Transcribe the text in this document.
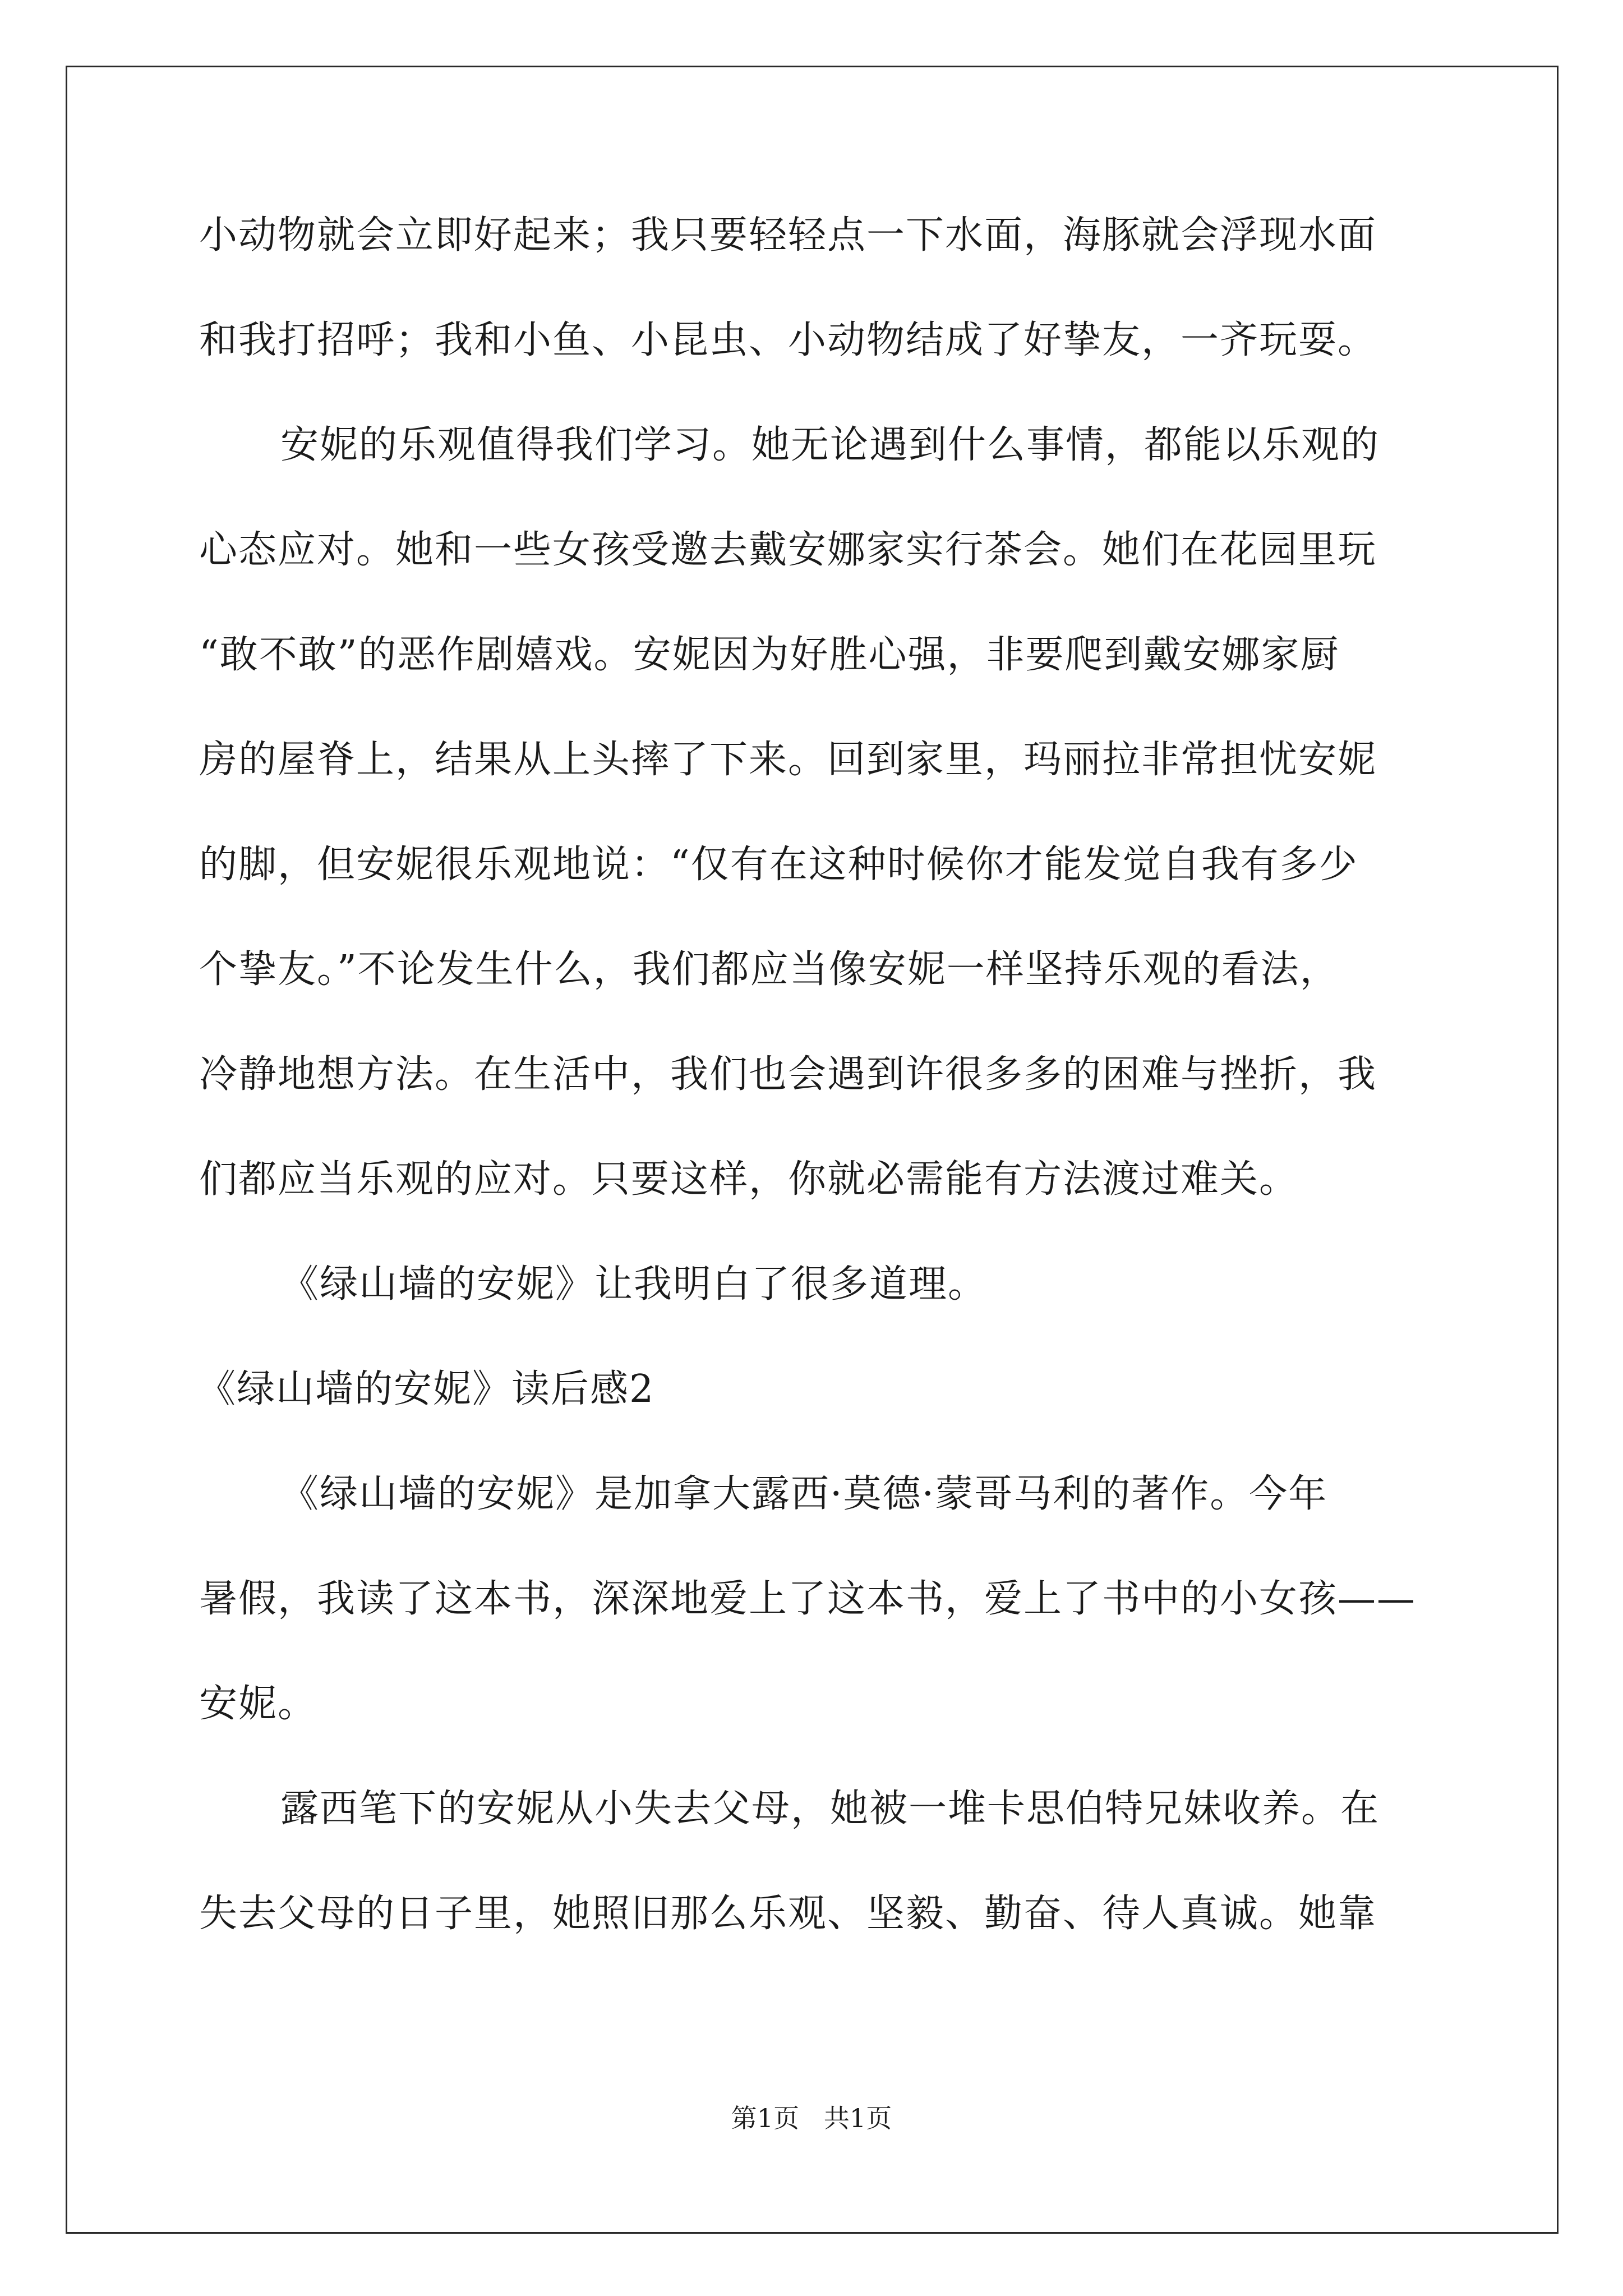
小动物就会立即好起来；我只要轻轻点一下水面，海豚就会浮现水面

和我打招呼；我和小鱼、小昆虫、小动物结成了好挚友，一齐玩耍。

安妮的乐观值得我们学习。她无论遇到什么事情，都能以乐观的

心态应对。她和一些女孩受邀去戴安娜家实行茶会。她们在花园里玩

“敢不敢”的恶作剧嬉戏。安妮因为好胜心强，非要爬到戴安娜家厨

房的屋脊上，结果从上头摔了下来。回到家里，玛丽拉非常担忧安妮

的脚，但安妮很乐观地说：“仅有在这种时候你才能发觉自我有多少

个挚友。”不论发生什么，我们都应当像安妮一样坚持乐观的看法，

冷静地想方法。在生活中，我们也会遇到许很多多的困难与挫折，我

们都应当乐观的应对。只要这样，你就必需能有方法渡过难关。

《绿山墙的安妮》让我明白了很多道理。

《绿山墙的安妮》读后感2

《绿山墙的安妮》是加拿大露西·莫德·蒙哥马利的著作。今年

暑假，我读了这本书，深深地爱上了这本书，爱上了书中的小女孩——

安妮。

露西笔下的安妮从小失去父母，她被一堆卡思伯特兄妹收养。在

失去父母的日子里，她照旧那么乐观、坚毅、勤奋、待人真诚。她靠

第1页   共1页
